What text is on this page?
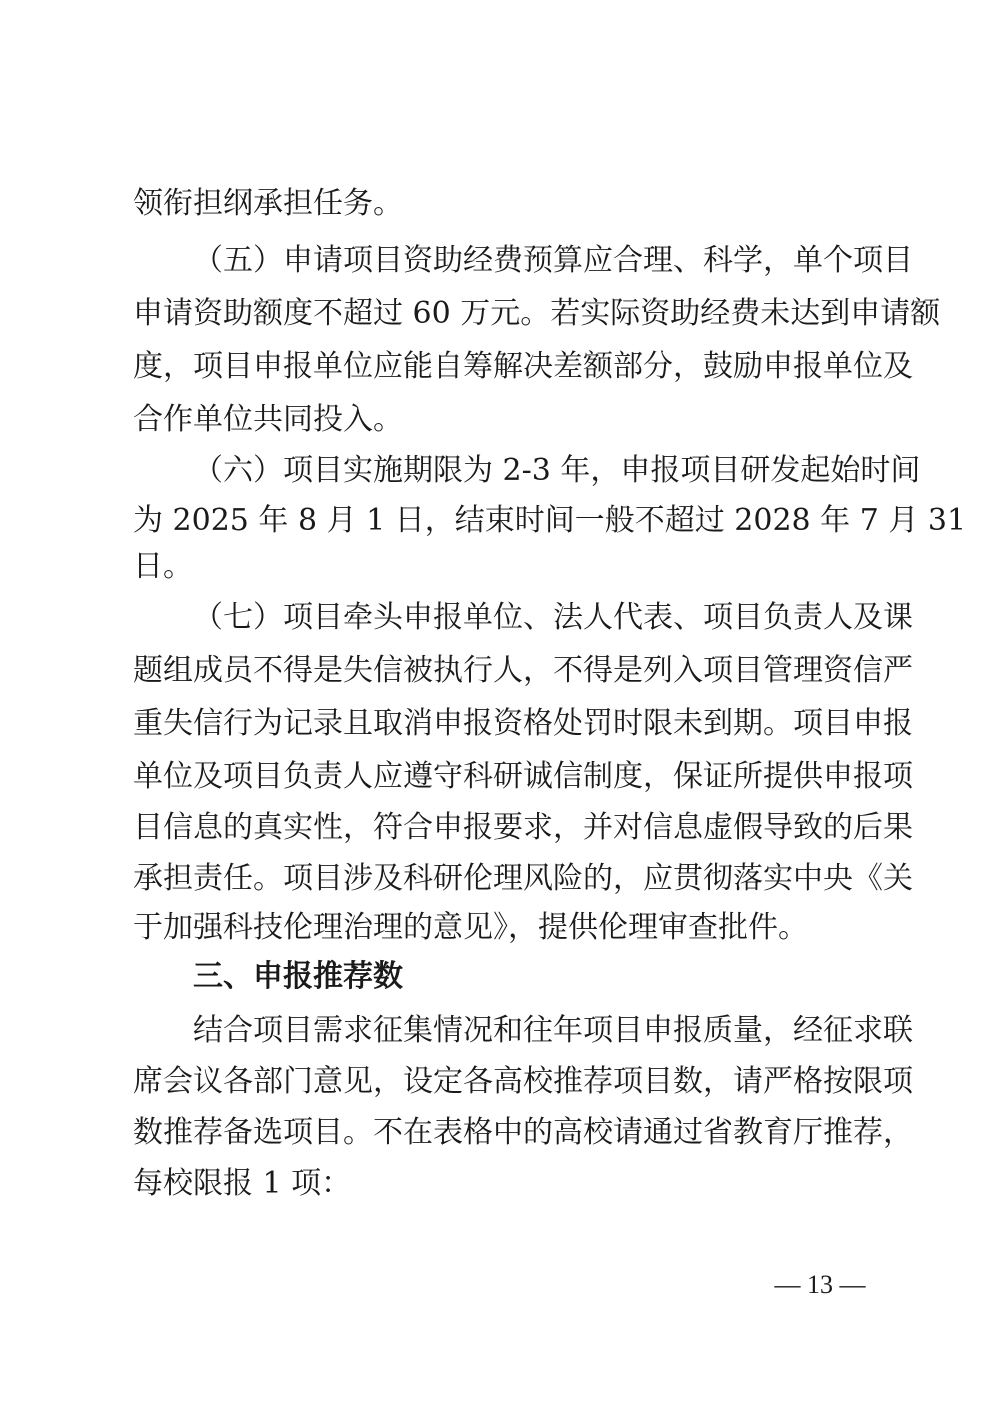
领衔担纲承担任务。
（五）申请项目资助经费预算应合理、科学，单个项目
申请资助额度不超过 60 万元。若实际资助经费未达到申请额
度，项目申报单位应能自筹解决差额部分，鼓励申报单位及
合作单位共同投入。
（六）项目实施期限为 2-3 年，申报项目研发起始时间
为 2025 年 8 月 1 日，结束时间一般不超过 2028 年 7 月 31
日。
（七）项目牵头申报单位、法人代表、项目负责人及课
题组成员不得是失信被执行人，不得是列入项目管理资信严
重失信行为记录且取消申报资格处罚时限未到期。项目申报
单位及项目负责人应遵守科研诚信制度，保证所提供申报项
目信息的真实性，符合申报要求，并对信息虚假导致的后果
承担责任。项目涉及科研伦理风险的，应贯彻落实中央《关
于加强科技伦理治理的意见》，提供伦理审查批件。
三、申报推荐数
结合项目需求征集情况和往年项目申报质量，经征求联
席会议各部门意见，设定各高校推荐项目数，请严格按限项
数推荐备选项目。不在表格中的高校请通过省教育厅推荐，
每校限报 1 项：
— 13 —
